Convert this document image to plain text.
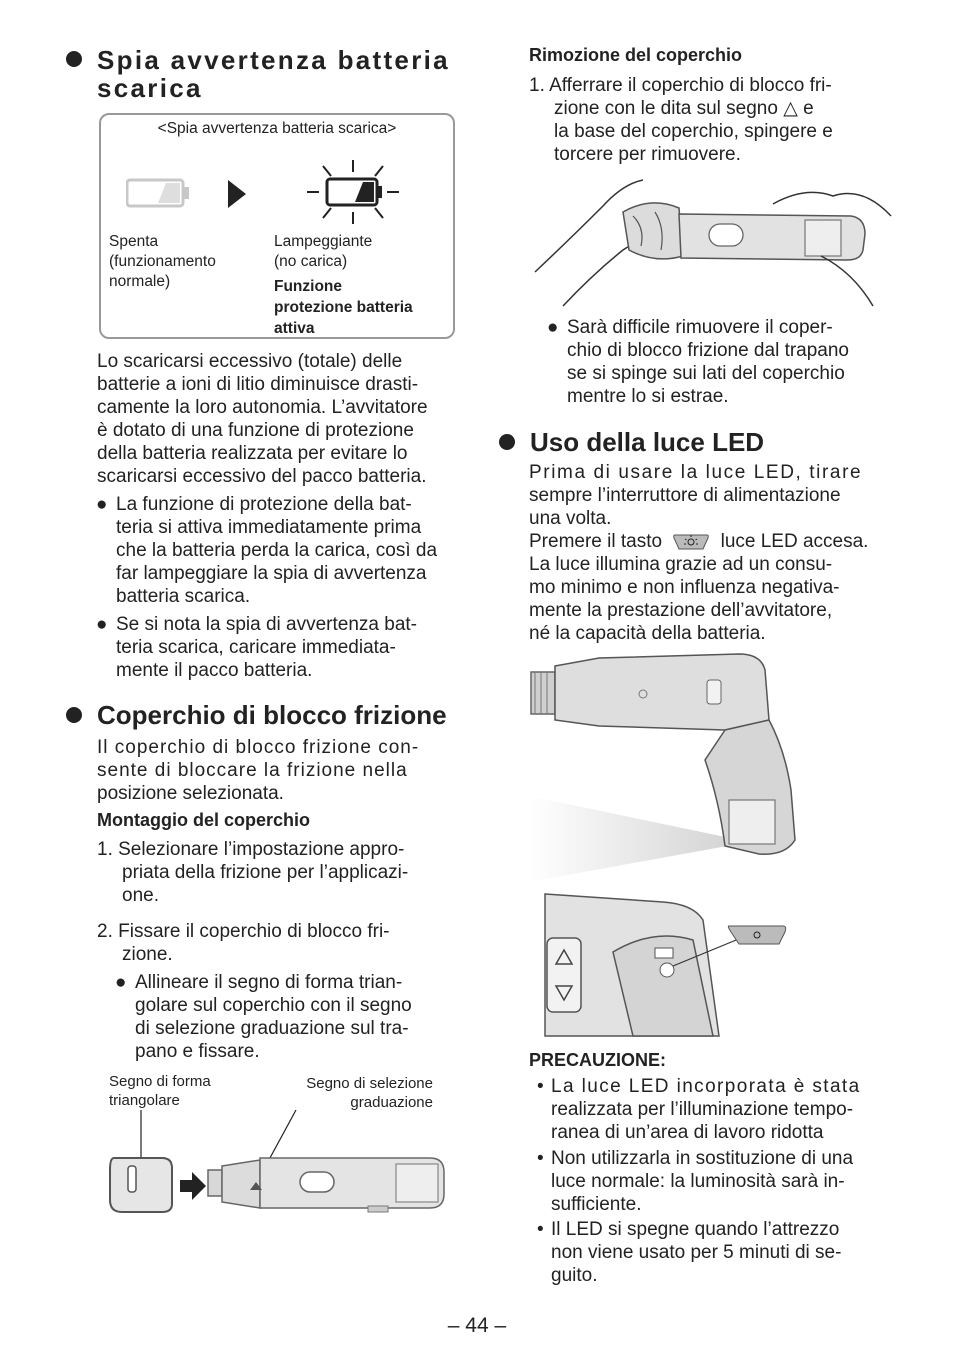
Spia avvertenza batteria
scarica
<Spia avvertenza batteria scarica>
Spenta
(funzionamento
normale)
Lampeggiante
(no carica)
Funzione
protezione batteria
attiva
Lo scaricarsi eccessivo (totale) delle
batterie a ioni di litio diminuisce drasti-
camente la loro autonomia. L’avvitatore
è dotato di una funzione di protezione
della batteria realizzata per evitare lo
scaricarsi eccessivo del pacco batteria.
● La funzione di protezione della bat-
teria si attiva immediatamente prima
che la batteria perda la carica, così da
far lampeggiare la spia di avvertenza
batteria scarica.
● Se si nota la spia di avvertenza bat-
teria scarica, caricare immediata-
mente il pacco batteria.
Coperchio di blocco frizione
Il coperchio di blocco frizione con-
sente di bloccare la frizione nella
posizione selezionata.
Montaggio del coperchio
1. Selezionare l’impostazione appro-
priata della frizione per l’applicazi-
one.
2. Fissare il coperchio di blocco fri-
zione.
● Allineare il segno di forma trian-
golare sul coperchio con il segno
di selezione graduazione sul tra-
pano e fissare.
Segno di forma
triangolare
Segno di selezione
graduazione
Rimozione del coperchio
1. Afferrare il coperchio di blocco fri-
zione con le dita sul segno △ e
la base del coperchio, spingere e
torcere per rimuovere.
● Sarà difficile rimuovere il coper-
chio di blocco frizione dal trapano
se si spinge sui lati del coperchio
mentre lo si estrae.
Uso della luce LED
Prima di usare la luce LED, tirare
sempre l’interruttore di alimentazione
una volta.
Premere il tasto	luce LED accesa.
La luce illumina grazie ad un consu-
mo minimo e non influenza negativa-
mente la prestazione dell’avvitatore,
né la capacità della batteria.
PRECAUZIONE:
• La luce LED incorporata è stata
realizzata per l’illuminazione tempo-
ranea di un’area di lavoro ridotta
• Non utilizzarla in sostituzione di una
luce normale: la luminosità sarà in-
sufficiente.
• Il LED si spegne quando l’attrezzo
non viene usato per 5 minuti di se-
guito.
– 44 –
